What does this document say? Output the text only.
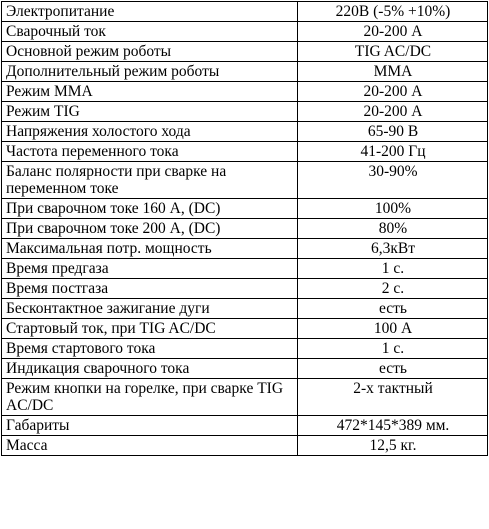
Электропитание	220В (-5% +10%)
Сварочный ток	20-200 А
Основной режим роботы	TIG AC/DC
Дополнительный режим роботы	MMA
Режим ММА	20-200 А
Режим TIG	20-200 А
Напряжения холостого хода	65-90 В
Частота переменного тока	41-200 Гц
Баланс полярности при сварке на переменном токе	30-90%
При сварочном токе 160 А, (DC)	100%
При сварочном токе 200 А, (DC)	80%
Максимальная потр. мощность	6,3кВт
Время предгаза	1 с.
Время постгаза	2 с.
Бесконтактное зажигание дуги	есть
Стартовый ток, при TIG AC/DC	100 А
Время стартового тока	1 с.
Индикация сварочного тока	есть
Режим кнопки на горелке, при сварке TIG AC/DC	2-х тактный
Габариты	472*145*389 мм.
Масса	12,5 кг.
